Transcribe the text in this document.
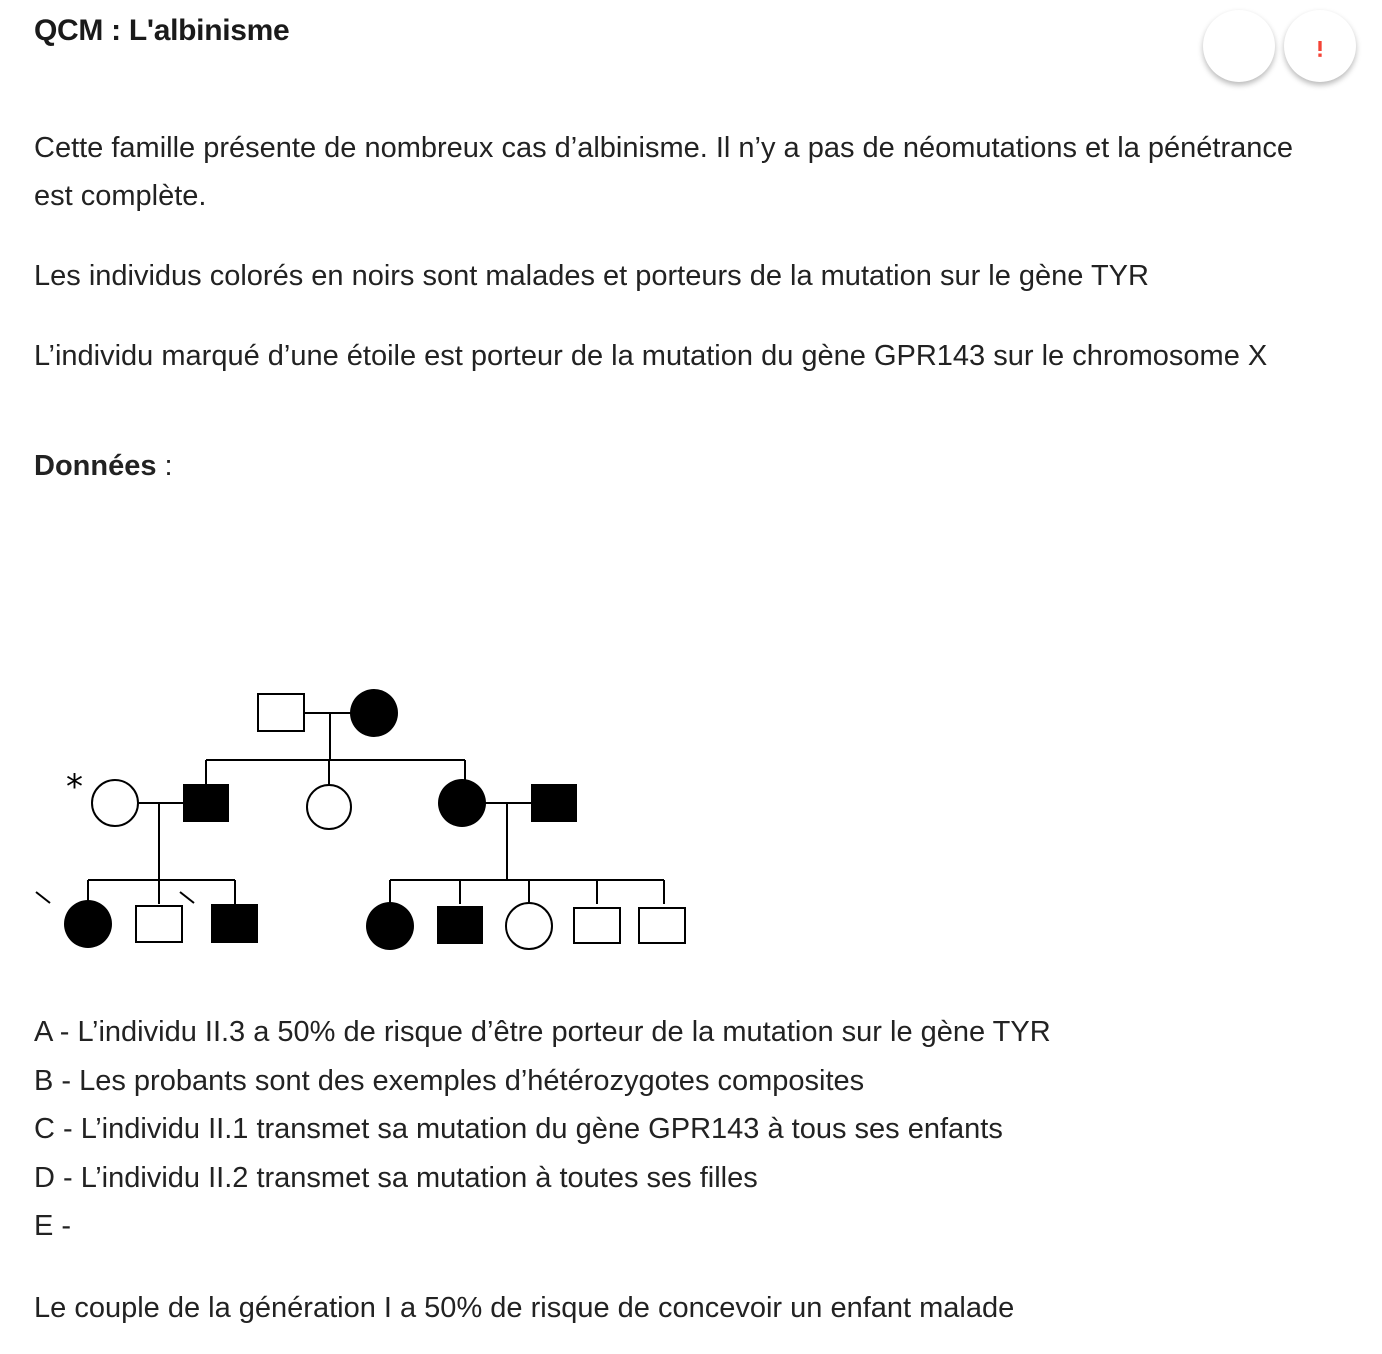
QCM : L'albinisme

Cette famille présente de nombreux cas d’albinisme. Il n’y a pas de néomutations et la pénétrance est complète.

Les individus colorés en noirs sont malades et porteurs de la mutation sur le gène TYR

L’individu marqué d’une étoile est porteur de la mutation du gène GPR143 sur le chromosome X

Données :

*
A - L’individu II.3 a 50% de risque d’être porteur de la mutation sur le gène TYR
B - Les probants sont des exemples d’hétérozygotes composites
C - L’individu II.1 transmet sa mutation du gène GPR143 à tous ses enfants
D - L’individu II.2 transmet sa mutation à toutes ses filles
E -
Le couple de la génération I a 50% de risque de concevoir un enfant malade
